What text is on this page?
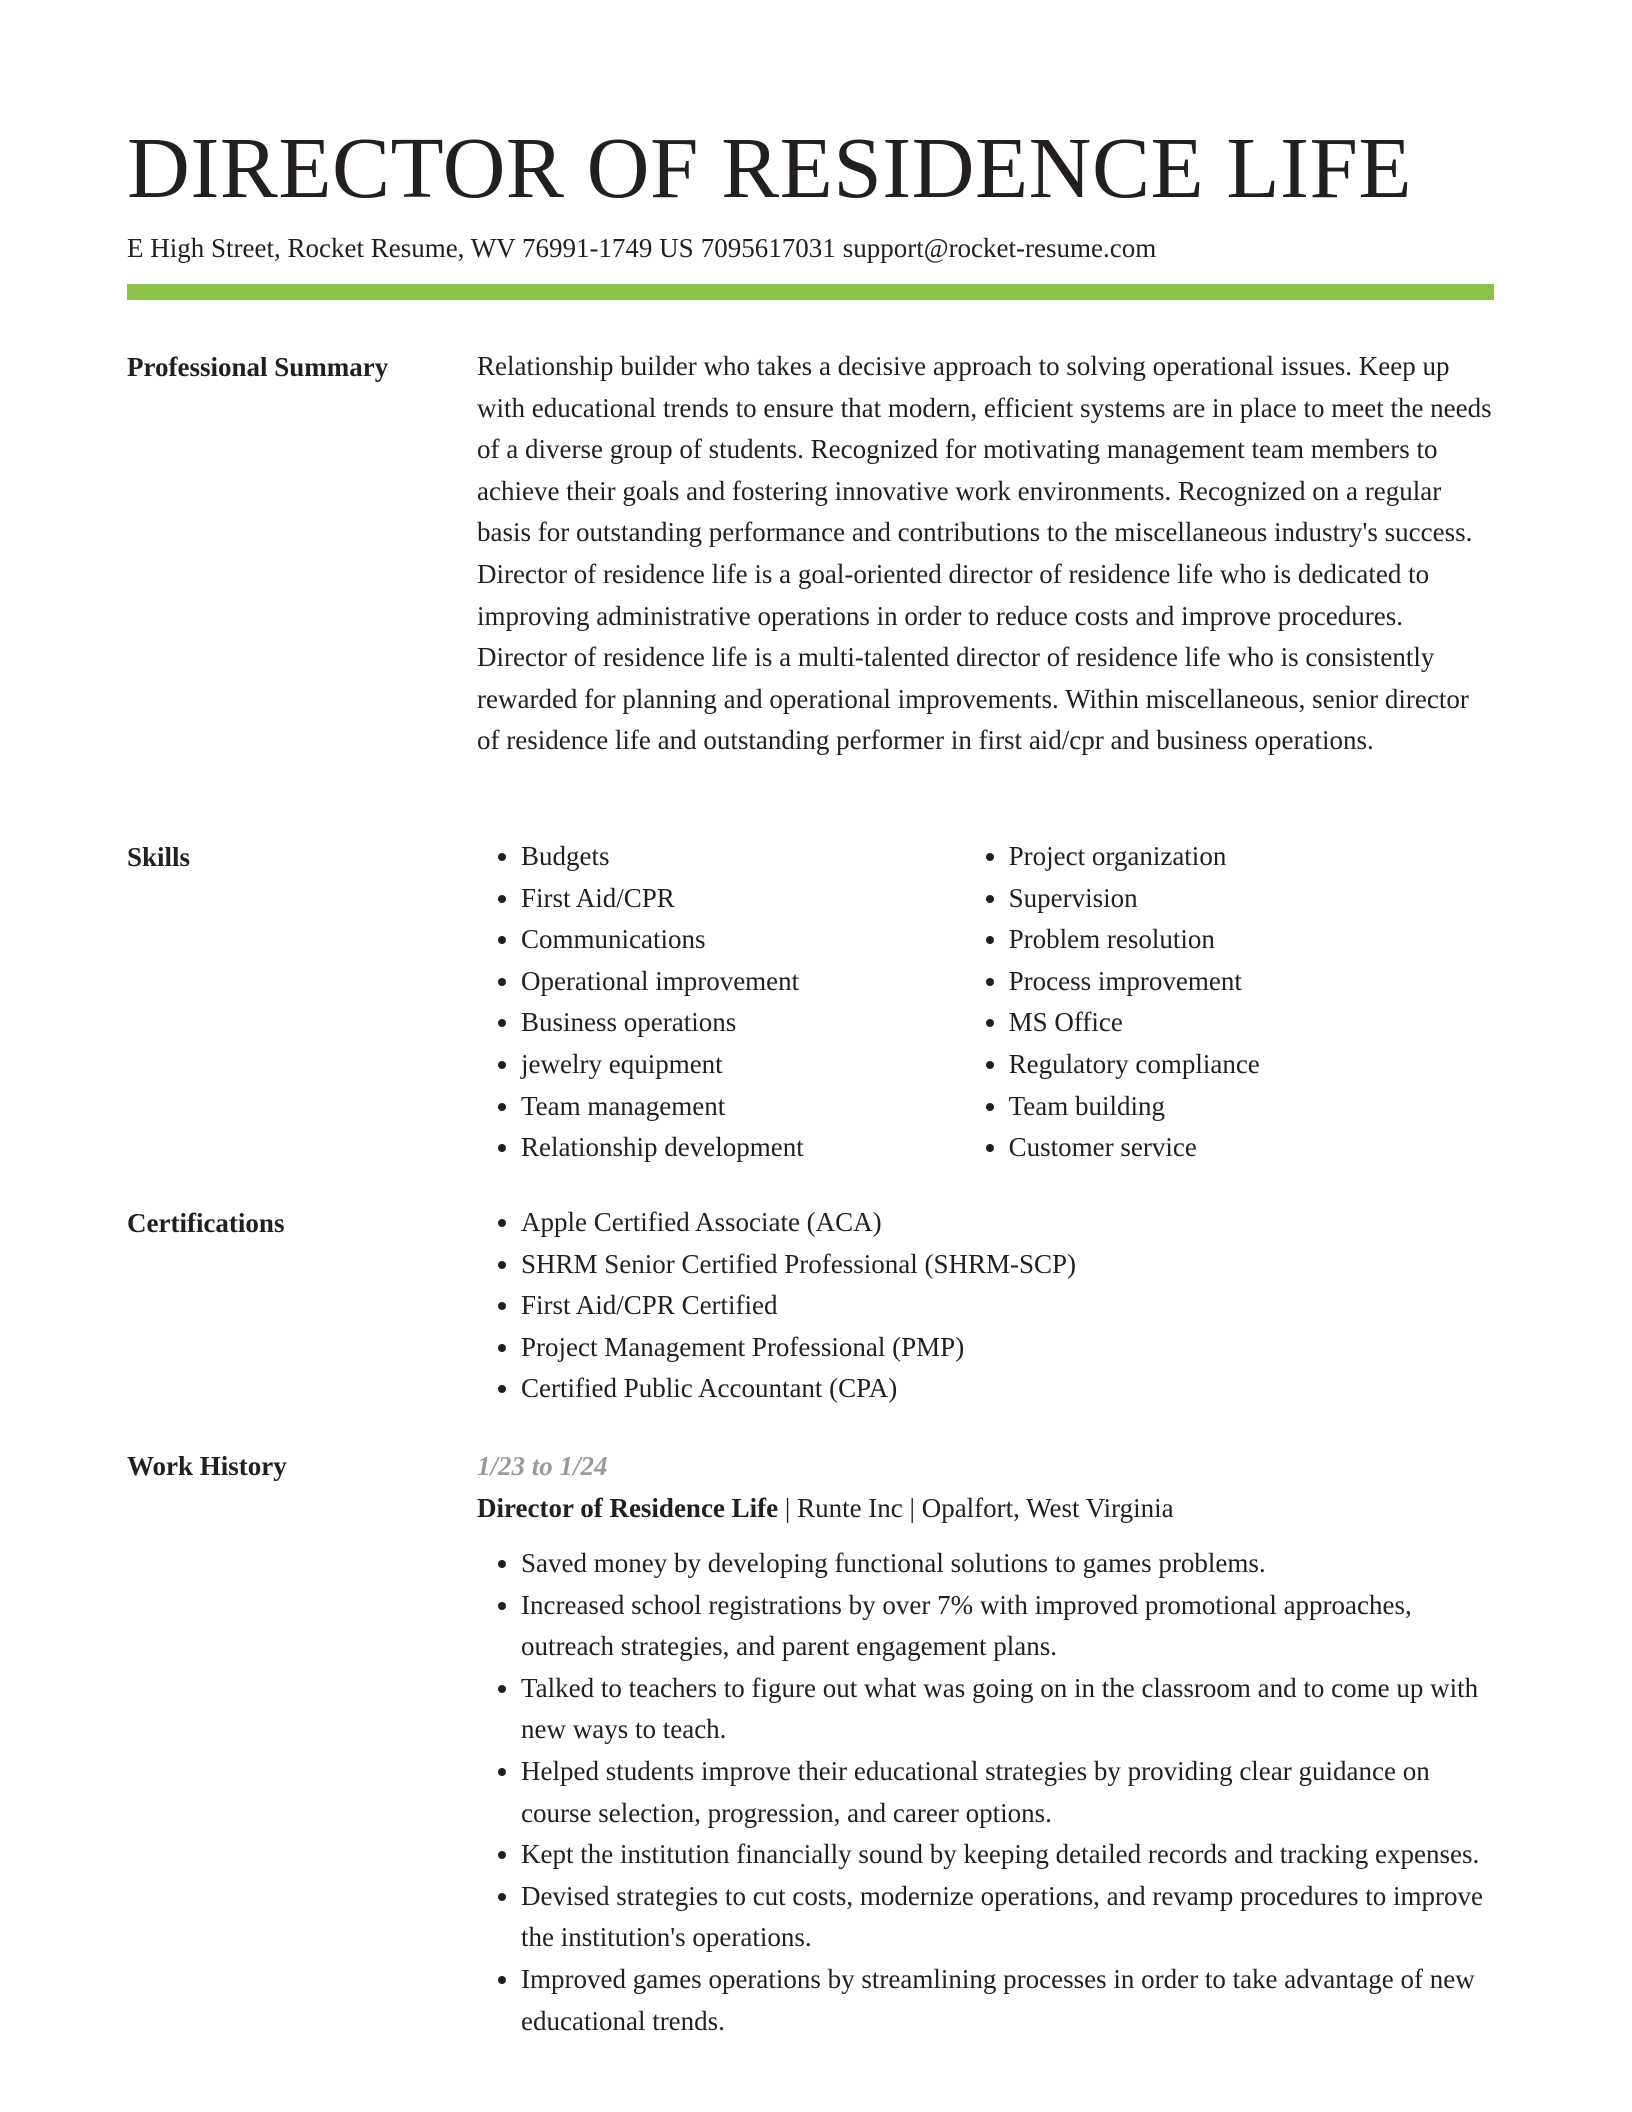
DIRECTOR OF RESIDENCE LIFE
E High Street, Rocket Resume, WV 76991-1749 US 7095617031 support@rocket-resume.com
Professional Summary	Relationship builder who takes a decisive approach to solving operational issues. Keep up with educational trends to ensure that modern, efficient systems are in place to meet the needs of a diverse group of students. Recognized for motivating management team members to achieve their goals and fostering innovative work environments. Recognized on a regular basis for outstanding performance and contributions to the miscellaneous industry's success. Director of residence life is a goal-oriented director of residence life who is dedicated to improving administrative operations in order to reduce costs and improve procedures. Director of residence life is a multi-talented director of residence life who is consistently rewarded for planning and operational improvements. Within miscellaneous, senior director of residence life and outstanding performer in first aid/cpr and business operations.

Skills	• Budgets
• First Aid/CPR
• Communications
• Operational improvement
• Business operations
• jewelry equipment
• Team management
• Relationship development
• Project organization
• Supervision
• Problem resolution
• Process improvement
• MS Office
• Regulatory compliance
• Team building
• Customer service
Certifications	• Apple Certified Associate (ACA)
• SHRM Senior Certified Professional (SHRM-SCP)
• First Aid/CPR Certified
• Project Management Professional (PMP)
• Certified Public Accountant (CPA)
Work History	1/23 to 1/24
Director of Residence Life | Runte Inc | Opalfort, West Virginia
• Saved money by developing functional solutions to games problems.
• Increased school registrations by over 7% with improved promotional approaches, outreach strategies, and parent engagement plans.
• Talked to teachers to figure out what was going on in the classroom and to come up with new ways to teach.
• Helped students improve their educational strategies by providing clear guidance on course selection, progression, and career options.
• Kept the institution financially sound by keeping detailed records and tracking expenses.
• Devised strategies to cut costs, modernize operations, and revamp procedures to improve the institution's operations.
• Improved games operations by streamlining processes in order to take advantage of new educational trends.
